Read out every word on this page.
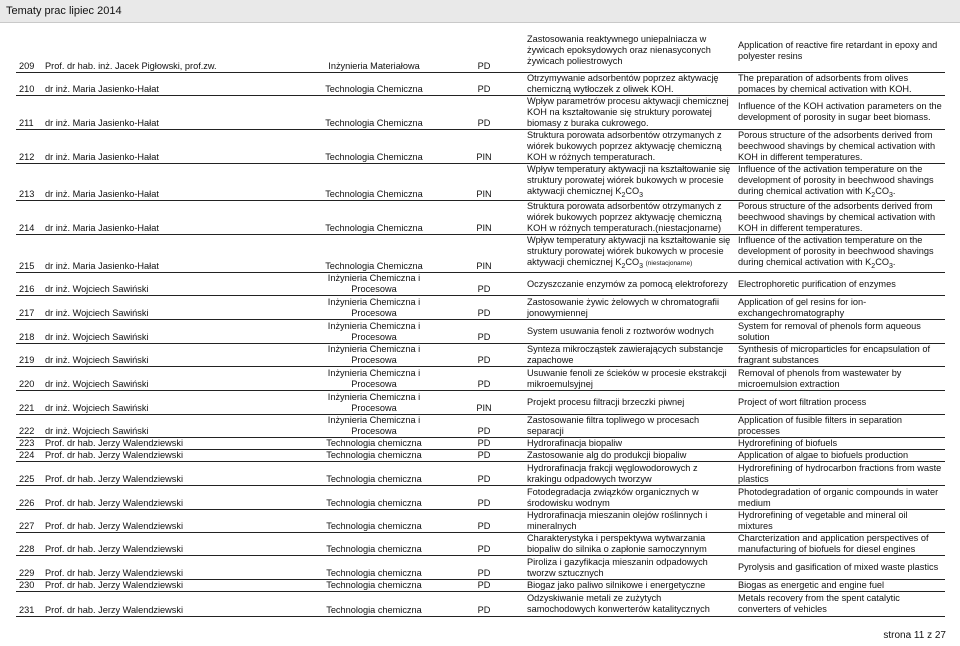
Tematy prac lipiec 2014
209	Prof. dr hab. inż. Jacek Pigłowski, prof.zw.	Inżynieria Materiałowa	PD	Zastosowania reaktywnego uniepalniacza w żywicach epoksydowych oraz nienasyconych żywicach poliestrowych	Application of reactive fire retardant in epoxy and polyester resins
210	dr inż. Maria Jasienko-Hałat	Technologia Chemiczna	PD	Otrzymywanie adsorbentów poprzez aktywację chemiczną wytłoczek z oliwek KOH.	The preparation of adsorbents from olives pomaces by chemical activation with KOH.
211	dr inż. Maria Jasienko-Hałat	Technologia Chemiczna	PD	Wpływ parametrów procesu aktywacji chemicznej KOH na kształtowanie się struktury porowatej biomasy z buraka cukrowego.	Influence of the KOH activation parameters on the development of porosity in sugar beet biomass.
212	dr inż. Maria Jasienko-Hałat	Technologia Chemiczna	PIN	Struktura porowata adsorbentów otrzymanych z wiórek bukowych poprzez aktywację chemiczną KOH w różnych temperaturach.	Porous structure of the adsorbents derived from beechwood shavings by chemical activation with KOH in different temperatures.
213	dr inż. Maria Jasienko-Hałat	Technologia Chemiczna	PIN	Wpływ temperatury aktywacji na kształtowanie się struktury porowatej wiórek bukowych w procesie aktywacji chemicznej $K_2CO_3$	Influence of the activation temperature on the development of porosity in beechwood shavings during chemical activation with $K_2CO_3$.
214	dr inż. Maria Jasienko-Hałat	Technologia Chemiczna	PIN	Struktura porowata adsorbentów otrzymanych z wiórek bukowych poprzez aktywację chemiczną KOH w różnych temperaturach.(niestacjonarne)	Porous structure of the adsorbents derived from beechwood shavings by chemical activation with KOH in different temperatures.
215	dr inż. Maria Jasienko-Hałat	Technologia Chemiczna	PIN	Wpływ temperatury aktywacji na kształtowanie się struktury porowatej wiórek bukowych w procesie aktywacji chemicznej $K_2CO_3$ (niestacjonarne)	Influence of the activation temperature on the development of porosity in beechwood shavings during chemical activation with $K_2CO_3$.
216	dr inż. Wojciech Sawiński	Inżynieria Chemiczna i Procesowa	PD	Oczyszczanie enzymów za pomocą elektroforezy	Electrophoretic purification of enzymes
217	dr inż. Wojciech Sawiński	Inżynieria Chemiczna i Procesowa	PD	Zastosowanie żywic żelowych w chromatografii jonowymiennej	Application of gel resins for ion-exchangechromatography
218	dr inż. Wojciech Sawiński	Inżynieria Chemiczna i Procesowa	PD	System usuwania fenoli z roztworów wodnych	System for removal of phenols form aqueous solution
219	dr inż. Wojciech Sawiński	Inżynieria Chemiczna i Procesowa	PD	Synteza mikrocząstek zawierających substancje zapachowe	Synthesis of microparticles for encapsulation of fragrant substances
220	dr inż. Wojciech Sawiński	Inżynieria Chemiczna i Procesowa	PD	Usuwanie fenoli ze ścieków w procesie ekstrakcji mikroemulsyjnej	Removal of phenols from wastewater by microemulsion extraction
221	dr inż. Wojciech Sawiński	Inżynieria Chemiczna i Procesowa	PIN	Projekt procesu filtracji brzeczki piwnej	Project of wort filtration process
222	dr inż. Wojciech Sawiński	Inżynieria Chemiczna i Procesowa	PD	Zastosowanie filtra topliwego w procesach separacji	Application of fusible filters in separation processes
223	Prof. dr hab. Jerzy Walendziewski	Technologia chemiczna	PD	Hydrorafinacja biopaliw	Hydrorefining of biofuels
224	Prof. dr hab. Jerzy Walendziewski	Technologia chemiczna	PD	Zastosowanie alg do produkcji biopaliw	Application of algae to biofuels production
225	Prof. dr hab. Jerzy Walendziewski	Technologia chemiczna	PD	Hydrorafinacja frakcji węglowodorowych z krakingu odpadowych tworzyw	Hydrorefining of hydrocarbon fractions from waste plastics
226	Prof. dr hab. Jerzy Walendziewski	Technologia chemiczna	PD	Fotodegradacja związków organicznych w środowisku wodnym	Photodegradation of organic compounds in water medium
227	Prof. dr hab. Jerzy Walendziewski	Technologia chemiczna	PD	Hydrorafinacja mieszanin olejów roślinnych i mineralnych	Hydrorefining of vegetable and mineral oil mixtures
228	Prof. dr hab. Jerzy Walendziewski	Technologia chemiczna	PD	Charakterystyka i perspektywa wytwarzania biopaliw do silnika o zapłonie samoczynnym	Charcterization and application perspectives of manufacturing of biofuels for diesel engines
229	Prof. dr hab. Jerzy Walendziewski	Technologia chemiczna	PD	Piroliza i gazyfikacja mieszanin odpadowych tworzw sztucznych	Pyrolysis and gasification of mixed waste plastics
230	Prof. dr hab. Jerzy Walendziewski	Technologia chemiczna	PD	Biogaz jako paliwo silnikowe i energetyczne	Biogas as energetic and engine fuel
231	Prof. dr hab. Jerzy Walendziewski	Technologia chemiczna	PD	Odzyskiwanie metali ze zużytych samochodowych konwerterów katalitycznych	Metals recovery from the spent catalytic converters of vehicles
strona 11 z 27
